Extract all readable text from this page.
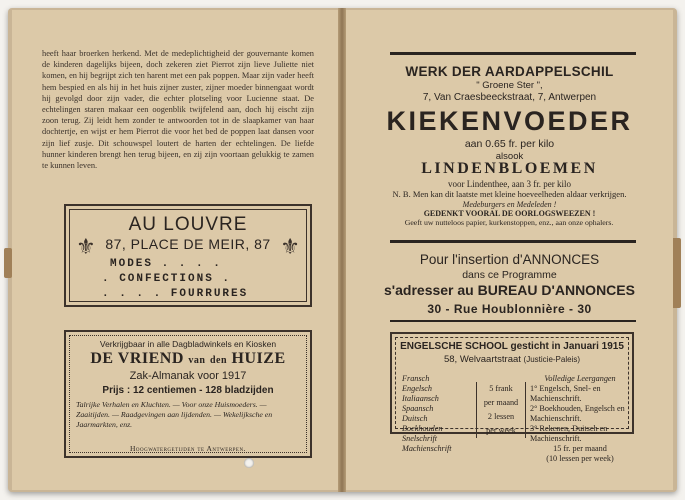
heeft haar broerken herkend. Met de medeplichtigheid der gouvernante komen de kinderen dagelijks bijeen, doch zekeren ziet Pierrot zijn lieve Juliette niet komen, en hij begrijpt zich ten harent met een pak poppen. Maar zijn vader heeft hem bespied en als hij in het huis zijner zuster, zijner moeder binnengaat wordt hij gevolgd door zijn vader, die echter plotseling voor Lucienne staat. De echtelingen staren makaar een oogenblik twijfelend aan, doch hij eischt zijn zoon terug. Zij leidt hem zonder te antwoorden tot in de slaapkamer van haar dochtertje, en wijst er hem Pierrot die voor het bed de poppen laat dansen voor zijn lief zusje. Dit schouwspel loutert de harten der echtelingen. De liefde hunner kinderen brengt hen terug bijeen, en zij zijn voortaan gelukkig te zamen te kunnen leven.
⚜	⚜
AU LOUVRE
87, PLACE DE MEIR, 87
MODES . . . .
. CONFECTIONS .
. . . . FOURRURES
Verkrijgbaar in alle Dagbladwinkels en Kiosken
DE VRIEND van den HUIZE
Zak-Almanak voor 1917
Prijs : 12 centiemen - 128 bladzijden
Talrijke Verhalen en Kluchten. — Voor onze Huismoeders. — Zaaitijden. — Raadgevingen aan lijdenden. — Wekelijksche en Jaarmarkten, enz.
Hoogwatergetijden te Antwerpen.
WERK DER AARDAPPELSCHIL
" Groene Ster ",
7, Van Craesbeeckstraat, 7, Antwerpen
KIEKENVOEDER
aan 0.65 fr. per kilo
alsook
LINDENBLOEMEN
voor Lindenthee, aan 3 fr. per kilo
N. B. Men kan dit laatste met kleine hoeveelheden aldaar verkrijgen.
Medeburgers en Medeleden !
GEDENKT VOORAL DE OORLOGSWEEZEN !
Geeft uw nutteloos papier, kurkenstoppen, enz., aan onze ophalers.
Pour l'insertion d'ANNONCES
dans ce Programme
s'adresser au BUREAU D'ANNONCES
30 - Rue Houblonnière - 30
ENGELSCHE SCHOOL gesticht in Januari 1915
58, Welvaartstraat (Justicie-Paleis)
Fransch
Engelsch
Italiaansch
Spaansch
Duitsch
Boekhouden
Snelschrift
Machienschrift
5 frank
per maand
2 lessen
per week
Volledige Leergangen
1° Engelsch, Snel- en Machienschrift.
2° Boekhouden, Engelsch en Machienschrift.
3° Rekenen, Duitsch en Machienschrift.
15 fr. per maand
(10 lessen per week)
